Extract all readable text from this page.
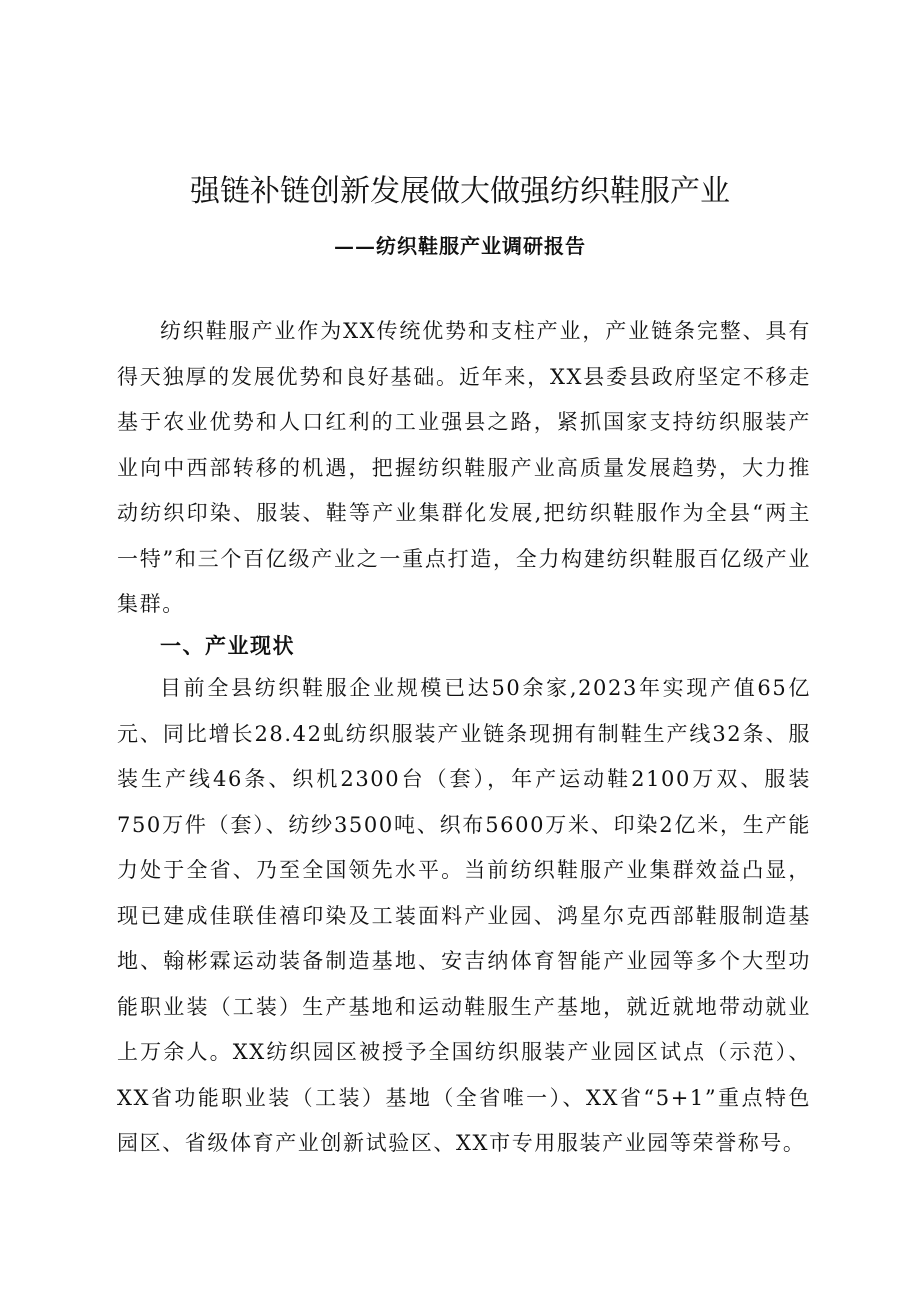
强链补链创新发展做大做强纺织鞋服产业
——纺织鞋服产业调研报告

纺织鞋服产业作为XX传统优势和支柱产业，产业链条完整、具有得天独厚的发展优势和良好基础。近年来，XX县委县政府坚定不移走基于农业优势和人口红利的工业强县之路，紧抓国家支持纺织服装产业向中西部转移的机遇，把握纺织鞋服产业高质量发展趋势，大力推动纺织印染、服装、鞋等产业集群化发展,把纺织鞋服作为全县“两主一特”和三个百亿级产业之一重点打造，全力构建纺织鞋服百亿级产业集群。

一、产业现状

目前全县纺织鞋服企业规模已达50余家,2023年实现产值65亿元、同比增长28.42虬纺织服装产业链条现拥有制鞋生产线32条、服装生产线46条、织机2300台（套），年产运动鞋2100万双、服装750万件（套）、纺纱3500吨、织布5600万米、印染2亿米，生产能力处于全省、乃至全国领先水平。当前纺织鞋服产业集群效益凸显，现已建成佳联佳禧印染及工装面料产业园、鸿星尔克西部鞋服制造基地、翰彬霖运动装备制造基地、安吉纳体育智能产业园等多个大型功能职业装（工装）生产基地和运动鞋服生产基地，就近就地带动就业上万余人。XX纺织园区被授予全国纺织服装产业园区试点（示范）、XX省功能职业装（工装）基地（全省唯一）、XX省“5+1”重点特色园区、省级体育产业创新试验区、XX市专用服装产业园等荣誉称号。
